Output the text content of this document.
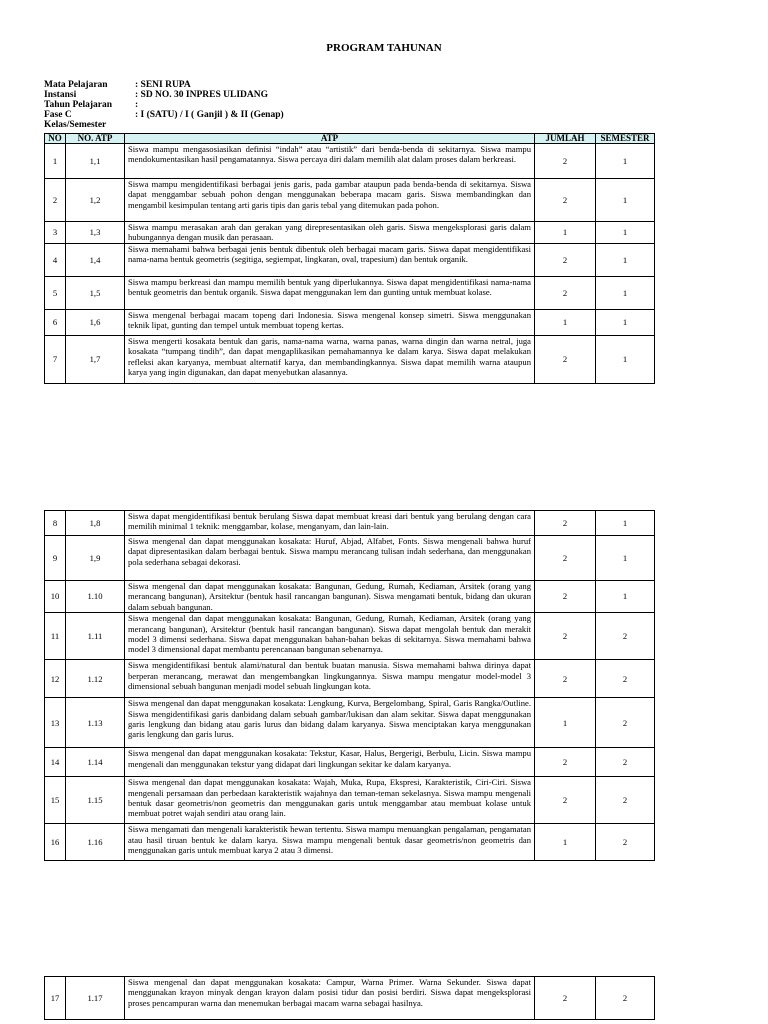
PROGRAM TAHUNAN
Mata Pelajaran	: SENI RUPA
Instansi	: SD NO. 30 INPRES ULIDANG
Tahun Pelajaran	:
Fase C Kelas/Semester	: I (SATU) / I ( Ganjil ) & II (Genap)
NO	NO. ATP	ATP	JUMLAH	SEMESTER
1	1,1	Siswa mampu mengasosiasikan definisi “indah” atau “artistik” dari benda-benda di sekitarnya. Siswa mampu mendokumentasikan hasil pengamatannya. Siswa percaya diri dalam memilih alat dalam proses dalam berkreasi.	2	1
2	1,2	Siswa mampu mengidentifikasi berbagai jenis garis, pada gambar ataupun pada benda-benda di sekitarnya. Siswa dapat menggambar sebuah pohon dengan menggunakan beberapa macam garis. Siswa membandingkan dan mengambil kesimpulan tentang arti garis tipis dan garis tebal yang ditemukan pada pohon.	2	1
3	1,3	Siswa mampu merasakan arah dan gerakan yang direpresentasikan oleh garis. Siswa mengeksplorasi garis dalam hubungannya dengan musik dan perasaan.	1	1
4	1,4	Siswa memahami bahwa berbagai jenis bentuk dibentuk oleh berbagai macam garis. Siswa dapat mengidentifikasi nama-nama bentuk geometris (segitiga, segiempat, lingkaran, oval, trapesium) dan bentuk organik.	2	1
5	1,5	Siswa mampu berkreasi dan mampu memilih bentuk yang diperlukannya. Siswa dapat mengidentifikasi nama-nama bentuk geometris dan bentuk organik. Siswa dapat menggunakan lem dan gunting untuk membuat kolase.	2	1
6	1,6	Siswa mengenal berbagai macam topeng dari Indonesia. Siswa mengenal konsep simetri. Siswa menggunakan teknik lipat, gunting dan tempel untuk membuat topeng kertas.	1	1
7	1,7	Siswa mengerti kosakata bentuk dan garis, nama-nama warna, warna panas, warna dingin dan warna netral, juga kosakata “tumpang tindih”, dan dapat mengaplikasikan pemahamannya ke dalam karya. Siswa dapat melakukan refleksi akan karyanya, membuat alternatif karya, dan membandingkannya. Siswa dapat memilih warna ataupun karya yang ingin digunakan, dan dapat menyebutkan alasannya.	2	1
8	1,8	Siswa dapat mengidentifikasi bentuk berulang Siswa dapat membuat kreasi dari bentuk yang berulang dengan cara memilih minimal 1 teknik: menggambar, kolase, menganyam, dan lain-lain.	2	1
9	1,9	Siswa mengenal dan dapat menggunakan kosakata: Huruf, Abjad, Alfabet, Fonts. Siswa mengenali bahwa huruf dapat dipresentasikan dalam berbagai bentuk. Siswa mampu merancang tulisan indah sederhana, dan menggunakan pola sederhana sebagai dekorasi.	2	1
10	1.10	Siswa mengenal dan dapat menggunakan kosakata: Bangunan, Gedung, Rumah, Kediaman, Arsitek (orang yang merancang bangunan), Arsitektur (bentuk hasil rancangan bangunan). Siswa mengamati bentuk, bidang dan ukuran dalam sebuah bangunan.	2	1
11	1.11	Siswa mengenal dan dapat menggunakan kosakata: Bangunan, Gedung, Rumah, Kediaman, Arsitek (orang yang merancang bangunan), Arsitektur (bentuk hasil rancangan bangunan). Siswa dapat mengolah bentuk dan merakit model 3 dimensi sederhana. Siswa dapat menggunakan bahan-bahan bekas di sekitarnya. Siswa memahami bahwa model 3 dimensional dapat membantu perencanaan bangunan sebenarnya.	2	2
12	1.12	Siswa mengidentifikasi bentuk alami/natural dan bentuk buatan manusia. Siswa memahami bahwa dirinya dapat berperan merancang, merawat dan mengembangkan lingkungannya. Siswa mampu mengatur model-model 3 dimensional sebuah bangunan menjadi model sebuah lingkungan kota.	2	2
13	1.13	Siswa mengenal dan dapat menggunakan kosakata: Lengkung, Kurva, Bergelombang, Spiral, Garis Rangka/Outline. Siswa mengidentifikasi garis danbidang dalam sebuah gambar/lukisan dan alam sekitar. Siswa dapat menggunakan garis lengkung dan bidang atau garis lurus dan bidang dalam karyanya. Siswa menciptakan karya menggunakan garis lengkung dan garis lurus.	1	2
14	1.14	Siswa mengenal dan dapat menggunakan kosakata: Tekstur, Kasar, Halus, Bergerigi, Berbulu, Licin. Siswa mampu mengenali dan menggunakan tekstur yang didapat dari lingkungan sekitar ke dalam karyanya.	2	2
15	1.15	Siswa mengenal dan dapat menggunakan kosakata: Wajah, Muka, Rupa, Ekspresi, Karakteristik, Ciri-Ciri. Siswa mengenali persamaan dan perbedaan karakteristik wajahnya dan teman-teman sekelasnya. Siswa mampu mengenali bentuk dasar geometris/non geometris dan menggunakan garis untuk menggambar atau membuat kolase untuk membuat potret wajah sendiri atau orang lain.	2	2
16	1.16	Siswa mengamati dan mengenali karakteristik hewan tertentu. Siswa mampu menuangkan pengalaman, pengamatan atau hasil tiruan bentuk ke dalam karya. Siswa mampu mengenali bentuk dasar geometris/non geometris dan menggunakan garis untuk membuat karya 2 atau 3 dimensi.	1	2
17	1.17	Siswa mengenal dan dapat menggunakan kosakata: Campur, Warna Primer. Warna Sekunder. Siswa dapat menggunakan krayon minyak dengan krayon dalam posisi tidur dan posisi berdiri. Siswa dapat mengeksplorasi proses pencampuran warna dan menemukan berbagai macam warna sebagai hasilnya.	2	2
